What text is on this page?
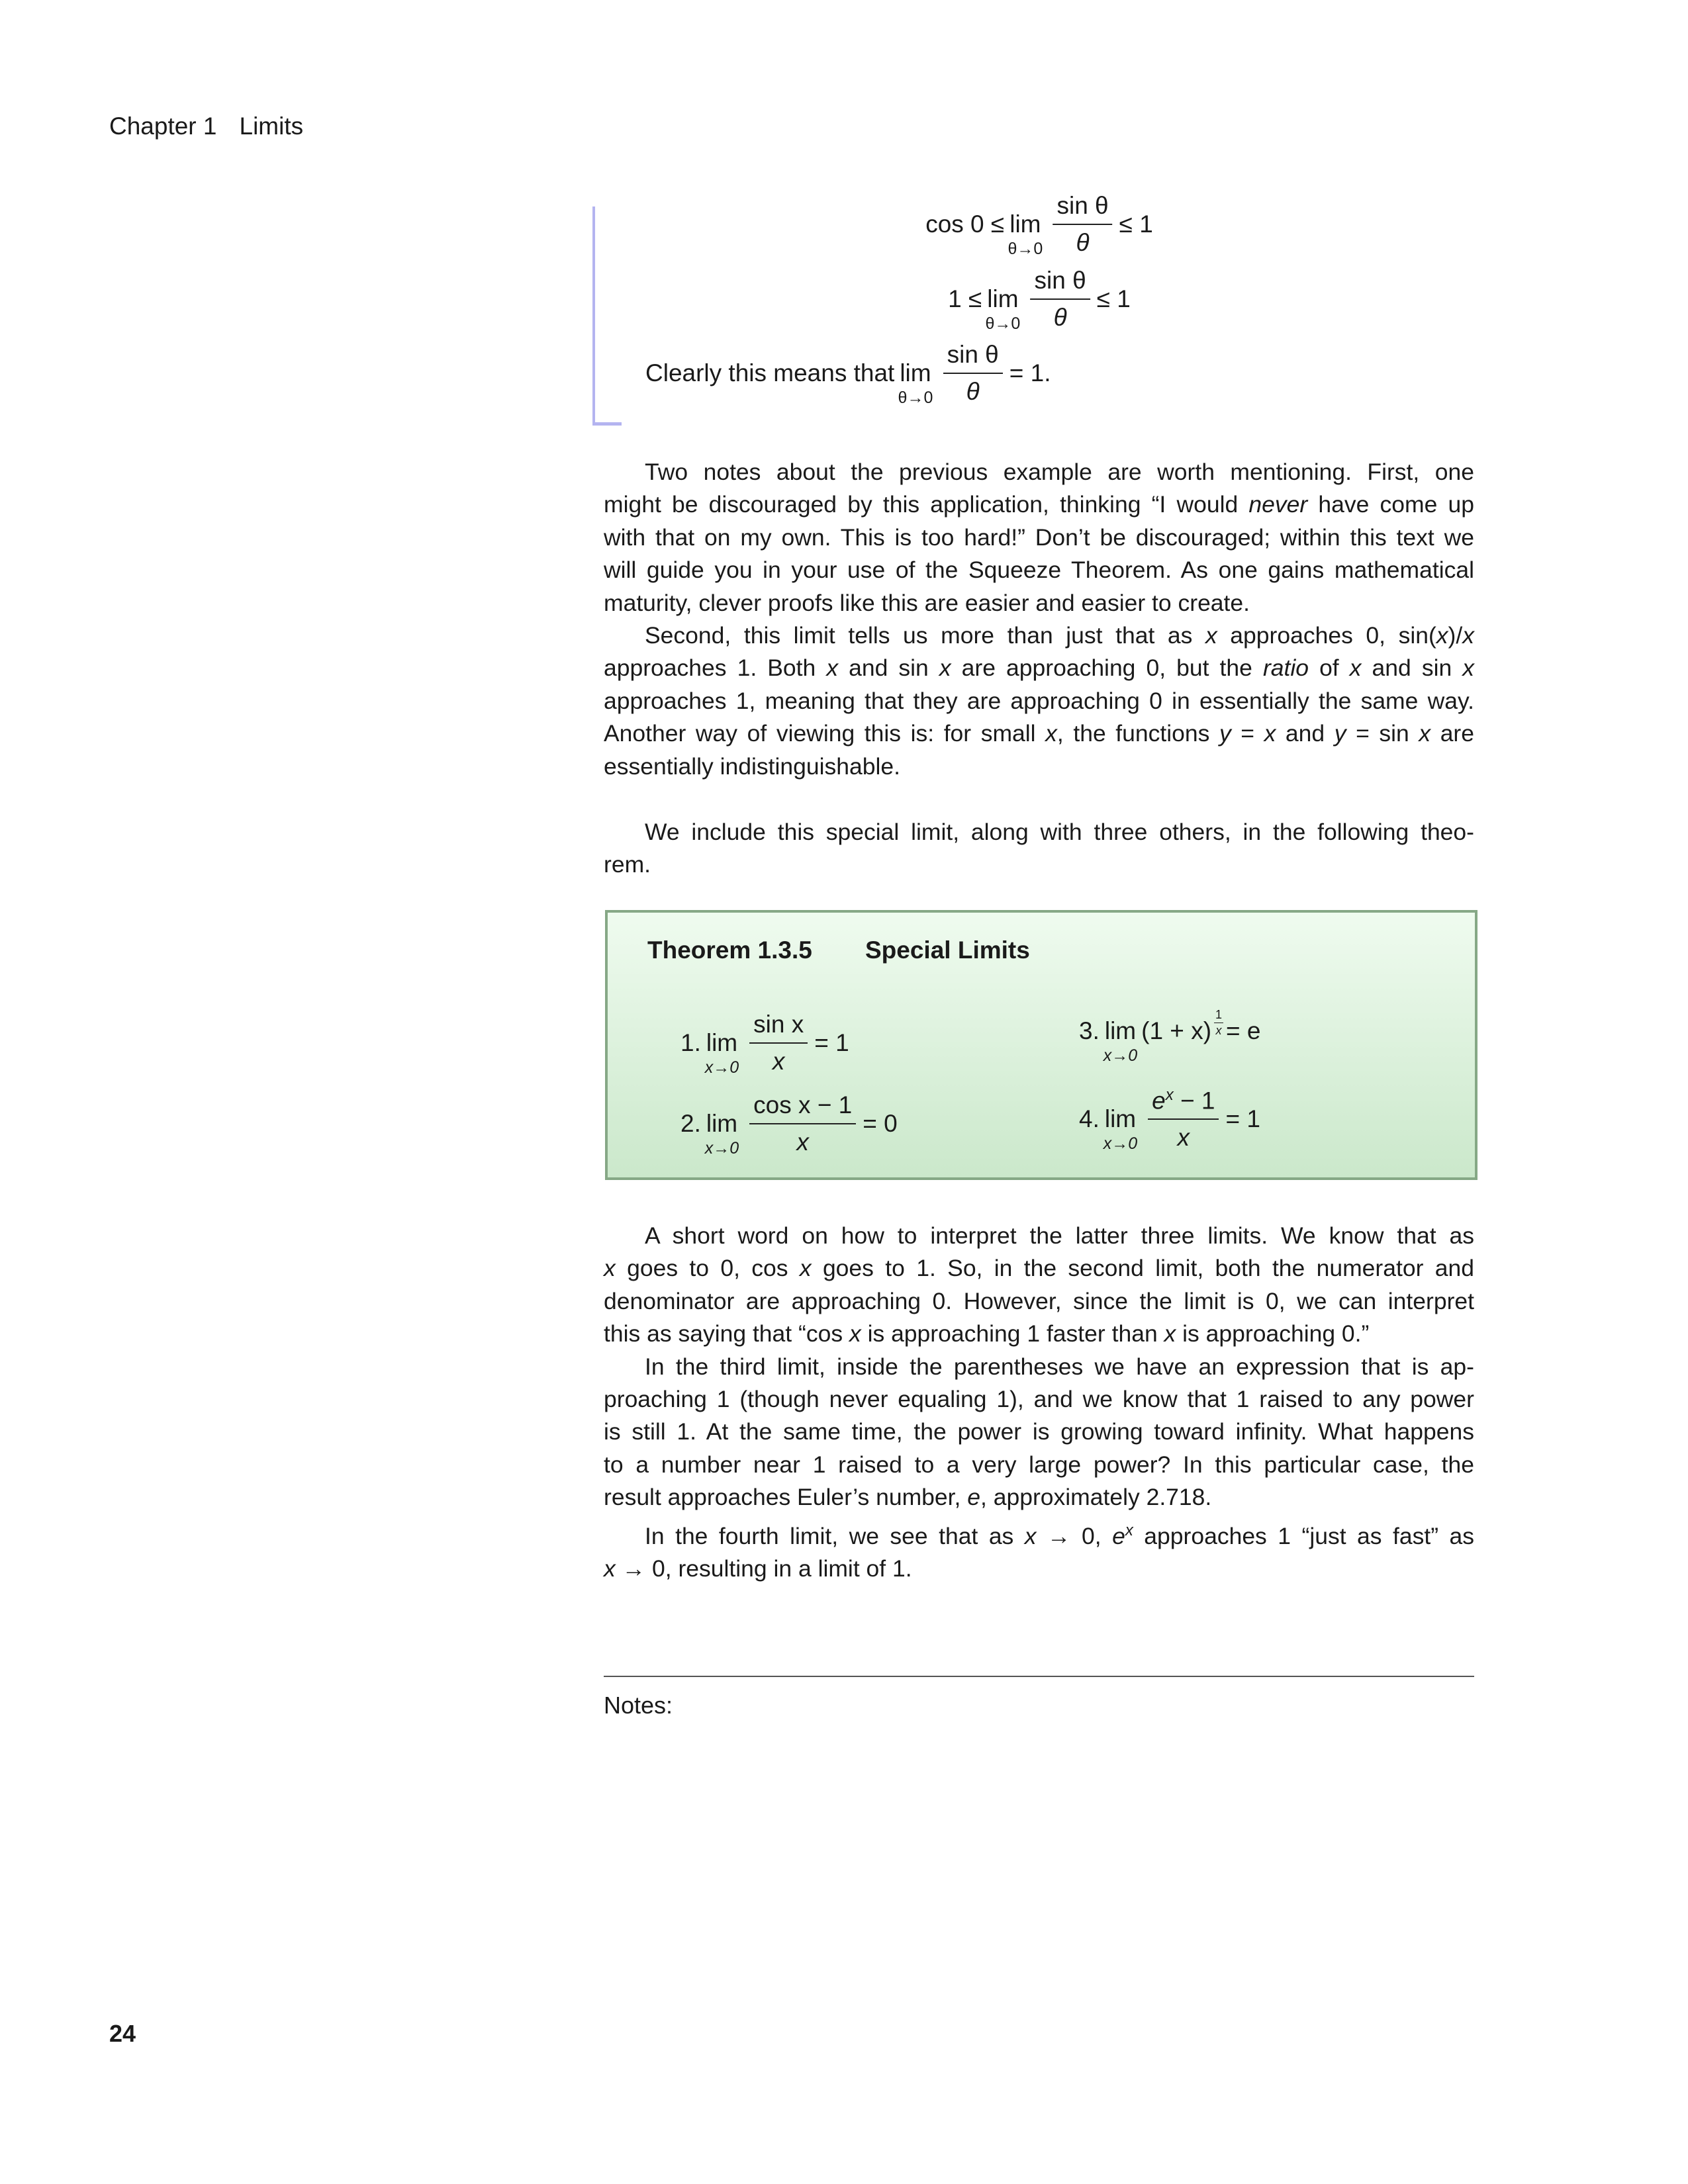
Chapter 1 Limits
cos 0 ≤ lim
$\theta\to 0 \frac{\text{sin θ}}{\theta} \le 1$
1 ≤ lim
$\theta\to 0 \frac{\text{sin θ}}{\theta} \le 1$
Clearly this means that lim
$\theta\to 0 \frac{\text{sin θ}}{\theta} = 1$.
Two notes about the previous example are worth mentioning. First, one
might be discouraged by this application, thinking “I would never have come up
with that on my own. This is too hard!” Don’t be discouraged; within this text we
will guide you in your use of the Squeeze Theorem. As one gains mathematical
maturity, clever proofs like this are easier and easier to create.
Second, this limit tells us more than just that as x approaches 0, sin(x)/x
approaches 1. Both x and sin x are approaching 0, but the ratio of x and sin x
approaches 1, meaning that they are approaching 0 in essentially the same way.
Another way of viewing this is: for small x, the functions y = x and y = sin x are
essentially indistinguishable.
We include this special limit, along with three others, in the following theo-
rem.
Theorem 1.3.5 Special Limits
1. lim
$x\to 0 \frac{\text{sin x}}{x} = 1$
2. lim
$x\to 0 \frac{\text{cos x − 1}}{x} = 0$
3. lim
x→0
$(1 + x) \frac{1}{x} = e$
4. lim
$x\to 0 \frac{e^x - 1}{x} = 1$
A short word on how to interpret the latter three limits. We know that as
x goes to 0, cos x goes to 1. So, in the second limit, both the numerator and
denominator are approaching 0. However, since the limit is 0, we can interpret
this as saying that “cos x is approaching 1 faster than x is approaching 0.”
In the third limit, inside the parentheses we have an expression that is ap-
proaching 1 (though never equaling 1), and we know that 1 raised to any power
is still 1. At the same time, the power is growing toward infinity. What happens
to a number near 1 raised to a very large power? In this particular case, the
result approaches Euler’s number, e, approximately 2.718.
In the fourth limit, we see that as x → 0, $e^x$ approaches 1 “just as fast” as
x → 0, resulting in a limit of 1.
Notes:
24
